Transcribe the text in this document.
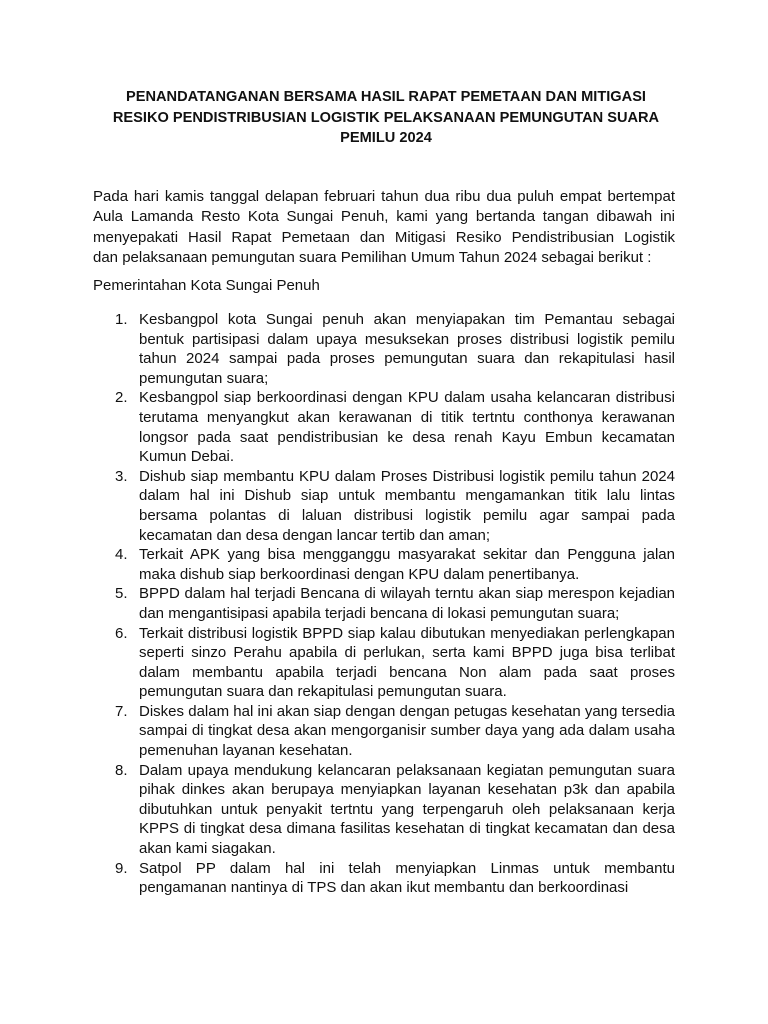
PENANDATANGANAN BERSAMA HASIL RAPAT PEMETAAN DAN MITIGASI
RESIKO PENDISTRIBUSIAN LOGISTIK PELAKSANAAN PEMUNGUTAN SUARA
PEMILU 2024

Pada hari kamis tanggal delapan februari tahun dua ribu dua puluh empat bertempat
Aula Lamanda Resto Kota Sungai Penuh, kami yang bertanda tangan dibawah ini
menyepakati Hasil Rapat Pemetaan dan Mitigasi Resiko Pendistribusian Logistik
dan pelaksanaan pemungutan suara Pemilihan Umum Tahun 2024 sebagai berikut :

Pemerintahan Kota Sungai Penuh

1. Kesbangpol kota Sungai penuh akan menyiapakan tim Pemantau sebagai bentuk partisipasi dalam upaya mesuksekan proses distribusi logistik pemilu tahun 2024 sampai pada proses pemungutan suara dan rekapitulasi hasil pemungutan suara;
2. Kesbangpol siap berkoordinasi dengan KPU dalam usaha kelancaran distribusi terutama menyangkut akan kerawanan di titik tertntu conthonya kerawanan longsor pada saat pendistribusian ke desa renah Kayu Embun kecamatan Kumun Debai.
3. Dishub siap membantu KPU dalam Proses Distribusi logistik pemilu tahun 2024 dalam hal ini Dishub siap untuk membantu mengamankan titik lalu lintas bersama polantas di laluan distribusi logistik pemilu agar sampai pada kecamatan dan desa dengan lancar tertib dan aman;
4. Terkait APK yang bisa mengganggu masyarakat sekitar dan Pengguna jalan maka dishub siap berkoordinasi dengan KPU dalam penertibanya.
5. BPPD dalam hal terjadi Bencana di wilayah terntu akan siap merespon kejadian dan mengantisipasi apabila terjadi bencana di lokasi pemungutan suara;
6. Terkait distribusi logistik BPPD siap kalau dibutukan menyediakan perlengkapan seperti sinzo Perahu apabila di perlukan, serta kami BPPD juga bisa terlibat dalam membantu apabila terjadi bencana Non alam pada saat proses pemungutan suara dan rekapitulasi pemungutan suara.
7. Diskes dalam hal ini akan siap dengan dengan petugas kesehatan yang tersedia sampai di tingkat desa akan mengorganisir sumber daya yang ada dalam usaha pemenuhan layanan kesehatan.
8. Dalam upaya mendukung kelancaran pelaksanaan kegiatan pemungutan suara pihak dinkes akan berupaya menyiapkan layanan kesehatan p3k dan apabila dibutuhkan untuk penyakit tertntu yang terpengaruh oleh pelaksanaan kerja KPPS di tingkat desa dimana fasilitas kesehatan di tingkat kecamatan dan desa akan kami siagakan.
9. Satpol PP dalam hal ini telah menyiapkan Linmas untuk membantu pengamanan nantinya di TPS dan akan ikut membantu dan berkoordinasi
